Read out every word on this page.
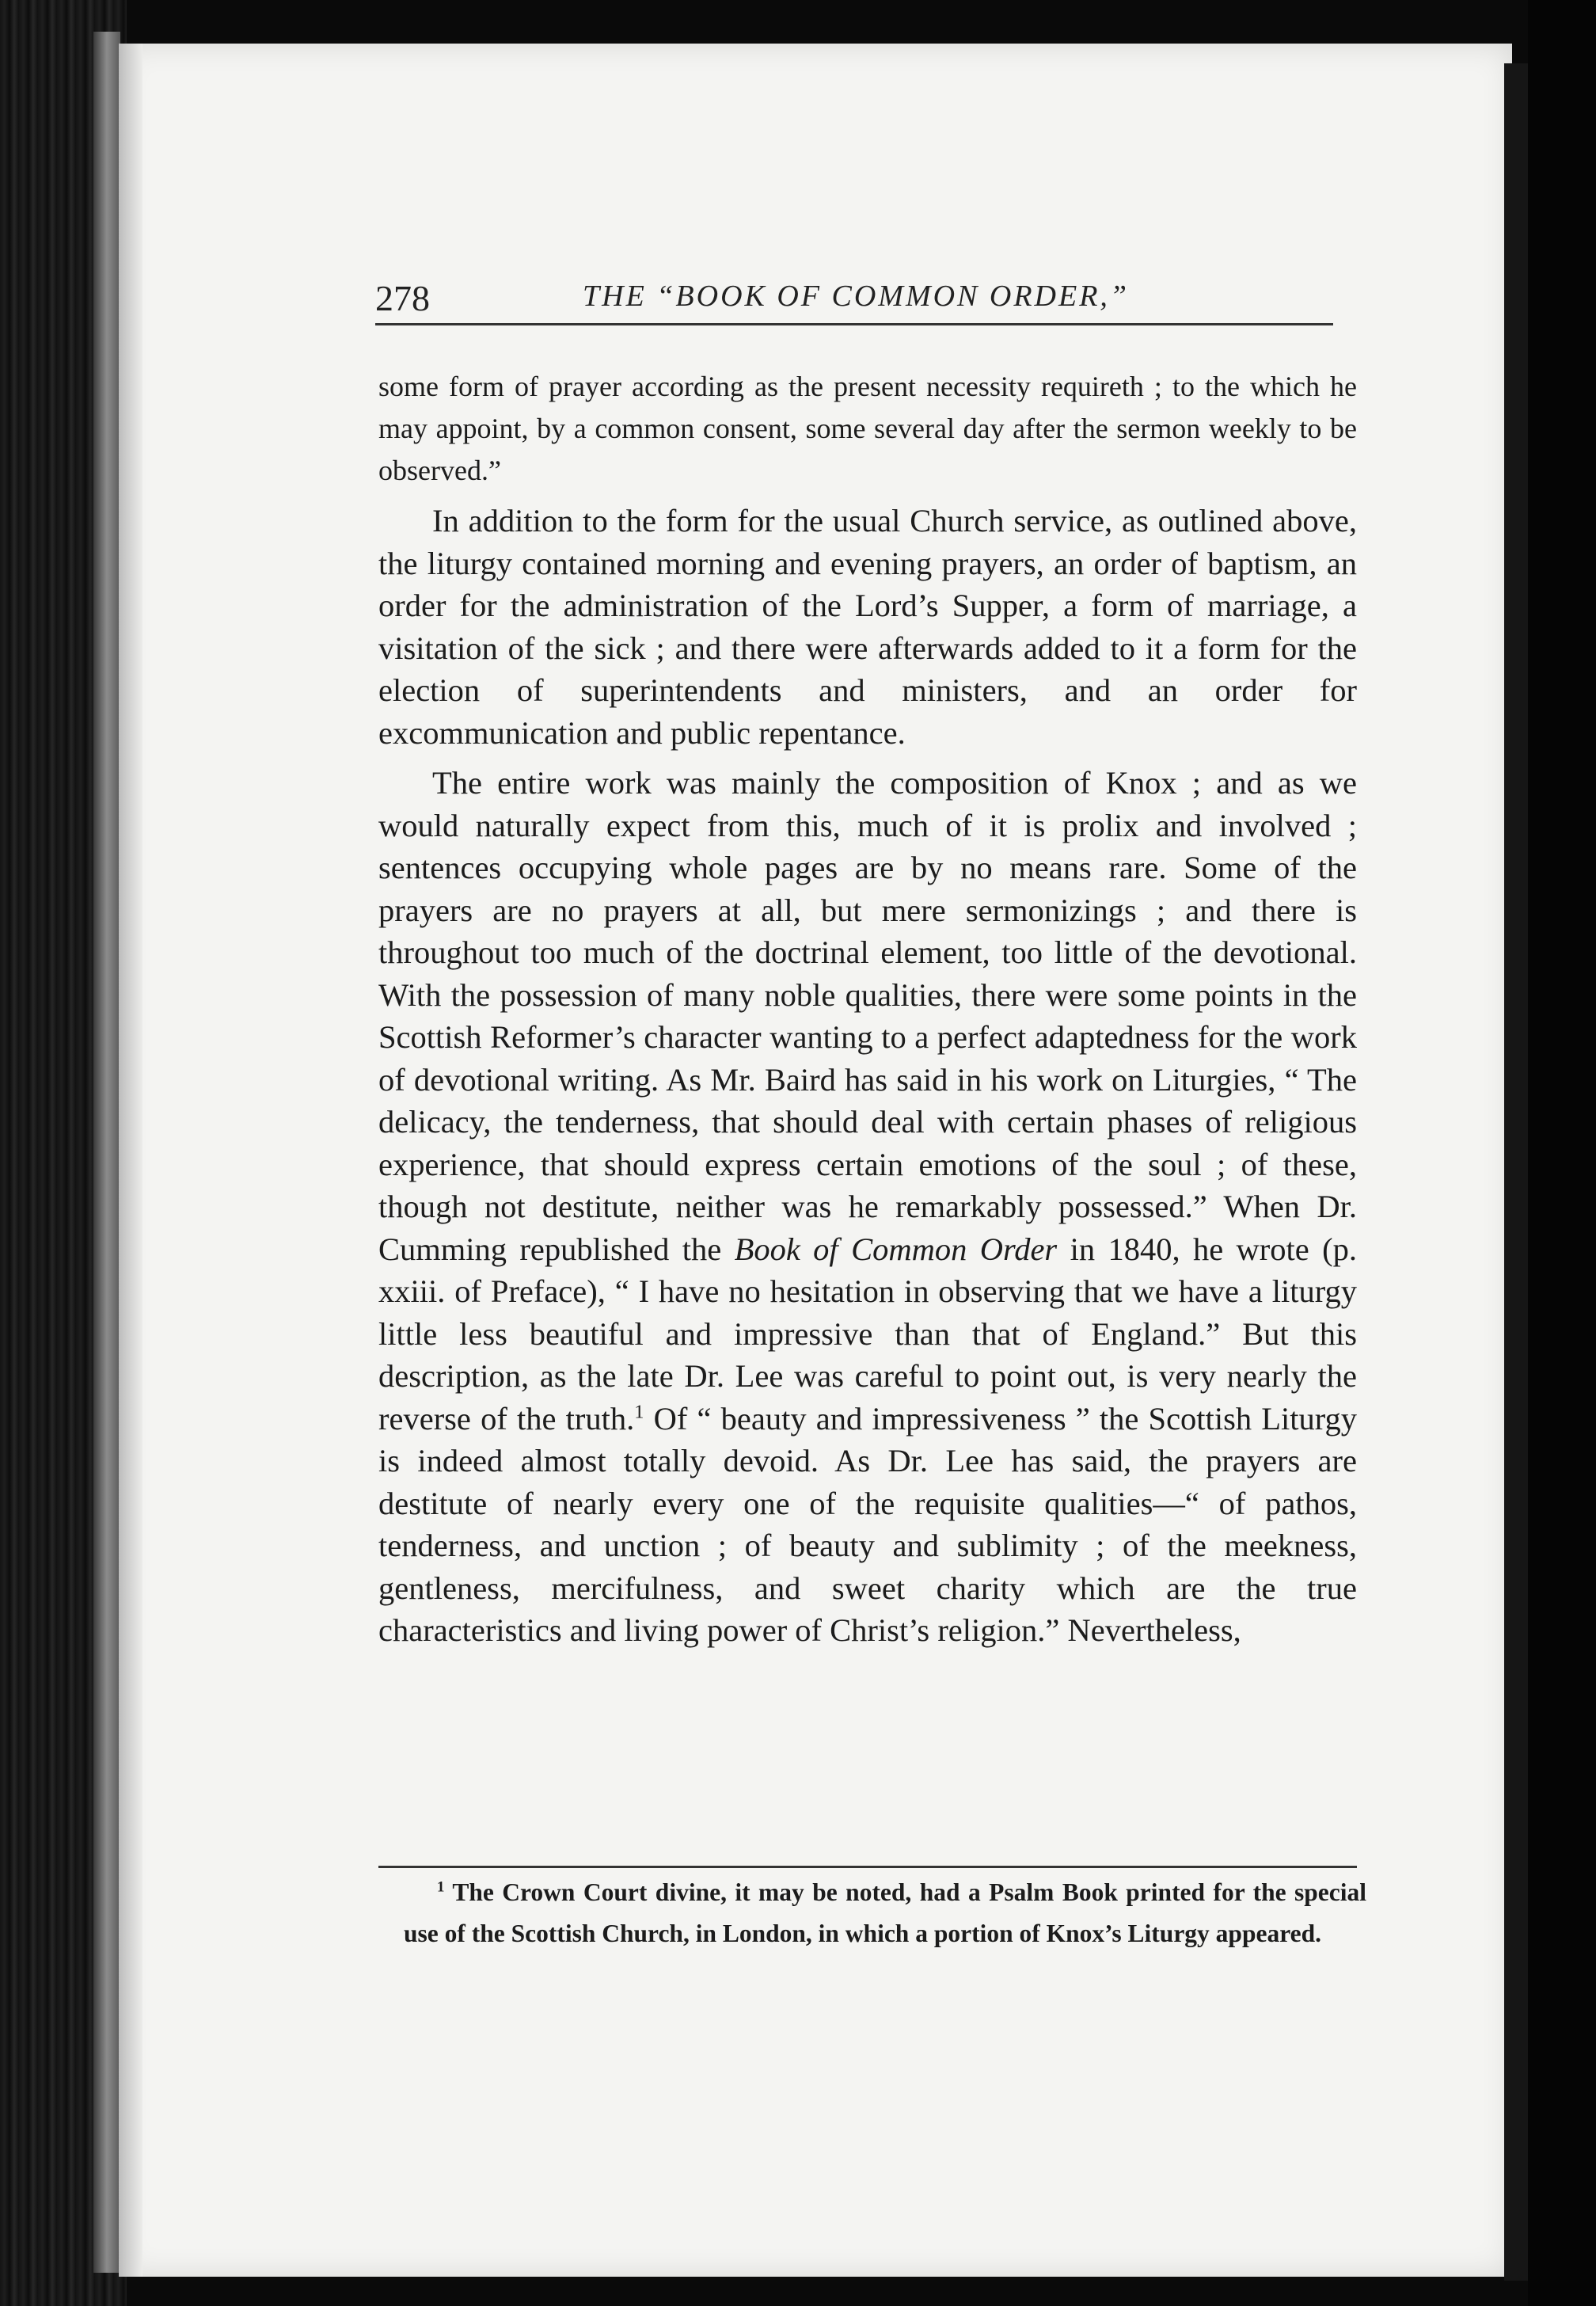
278	THE “BOOK OF COMMON ORDER,”

some form of prayer according as the present necessity requireth ; to the which he may appoint, by a common consent, some several day after the sermon weekly to be observed.”

In addition to the form for the usual Church service, as outlined above, the liturgy contained morning and evening prayers, an order of baptism, an order for the administration of the Lord’s Supper, a form of marriage, a visitation of the sick ; and there were afterwards added to it a form for the election of superintendents and ministers, and an order for excommunication and public repentance.

The entire work was mainly the composition of Knox ; and as we would naturally expect from this, much of it is prolix and involved ; sentences occupying whole pages are by no means rare. Some of the prayers are no prayers at all, but mere sermonizings ; and there is throughout too much of the doctrinal element, too little of the devotional. With the possession of many noble qualities, there were some points in the Scottish Reformer’s character wanting to a perfect adaptedness for the work of devotional writing. As Mr. Baird has said in his work on Liturgies, “ The delicacy, the tenderness, that should deal with certain phases of religious experience, that should express certain emotions of the soul ; of these, though not destitute, neither was he remarkably possessed.” When Dr. Cumming republished the Book of Common Order in 1840, he wrote (p. xxiii. of Preface), “ I have no hesitation in observing that we have a liturgy little less beautiful and impressive than that of England.” But this description, as the late Dr. Lee was careful to point out, is very nearly the reverse of the truth.$^1$ Of “ beauty and impressiveness ” the Scottish Liturgy is indeed almost totally devoid. As Dr. Lee has said, the prayers are destitute of nearly every one of the requisite qualities—“ of pathos, tenderness, and unction ; of beauty and sublimity ; of the meekness, gentleness, mercifulness, and sweet charity which are the true characteristics and living power of Christ’s religion.” Nevertheless,

$^1$ The Crown Court divine, it may be noted, had a Psalm Book printed for the special use of the Scottish Church, in London, in which a portion of Knox’s Liturgy appeared.
